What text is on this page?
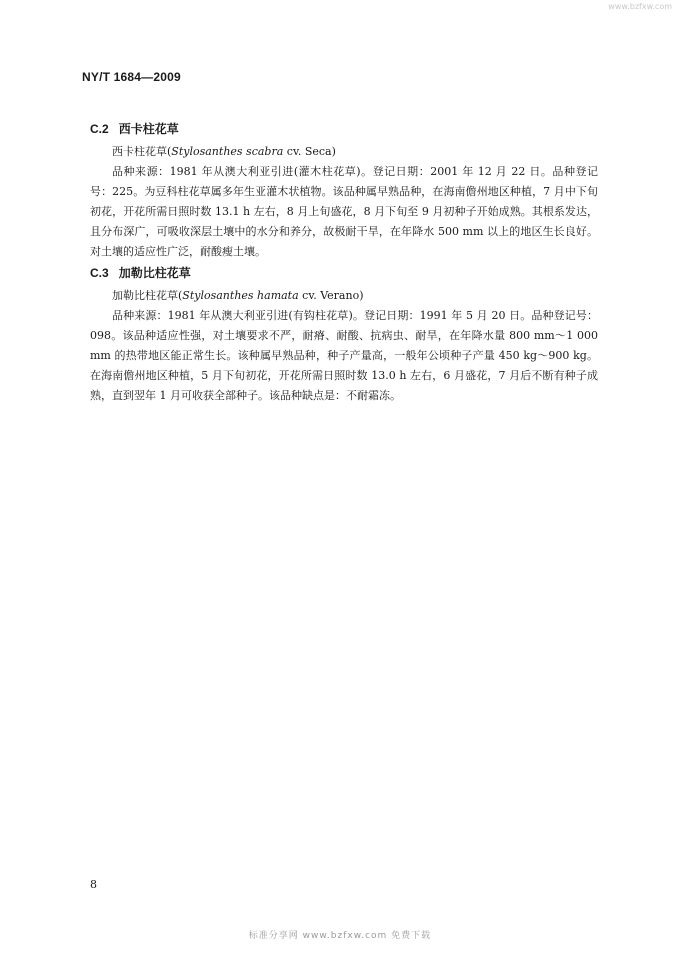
www.bzfxw.com
NY/T 1684—2009
C.2 西卡柱花草

西卡柱花草(Stylosanthes scabra cv. Seca)

品种来源：1981 年从澳大利亚引进(灌木柱花草)。登记日期：2001 年 12 月 22 日。品种登记号：225。为豆科柱花草属多年生亚灌木状植物。该品种属早熟品种，在海南儋州地区种植，7 月中下旬初花，开花所需日照时数 13.1 h 左右，8 月上旬盛花，8 月下旬至 9 月初种子开始成熟。其根系发达，且分布深广，可吸收深层土壤中的水分和养分，故极耐干旱，在年降水 500 mm 以上的地区生长良好。对土壤的适应性广泛，耐酸瘦土壤。

C.3 加勒比柱花草

加勒比柱花草(Stylosanthes hamata cv. Verano)

品种来源：1981 年从澳大利亚引进(有钩柱花草)。登记日期：1991 年 5 月 20 日。品种登记号：098。该品种适应性强，对土壤要求不严，耐瘠、耐酸、抗病虫、耐旱，在年降水量 800 mm～1 000 mm 的热带地区能正常生长。该种属早熟品种，种子产量高，一般年公顷种子产量 450 kg～900 kg。在海南儋州地区种植，5 月下旬初花，开花所需日照时数 13.0 h 左右，6 月盛花，7 月后不断有种子成熟，直到翌年 1 月可收获全部种子。该品种缺点是：不耐霜冻。

8
标准分享网 www.bzfxw.com 免费下载
